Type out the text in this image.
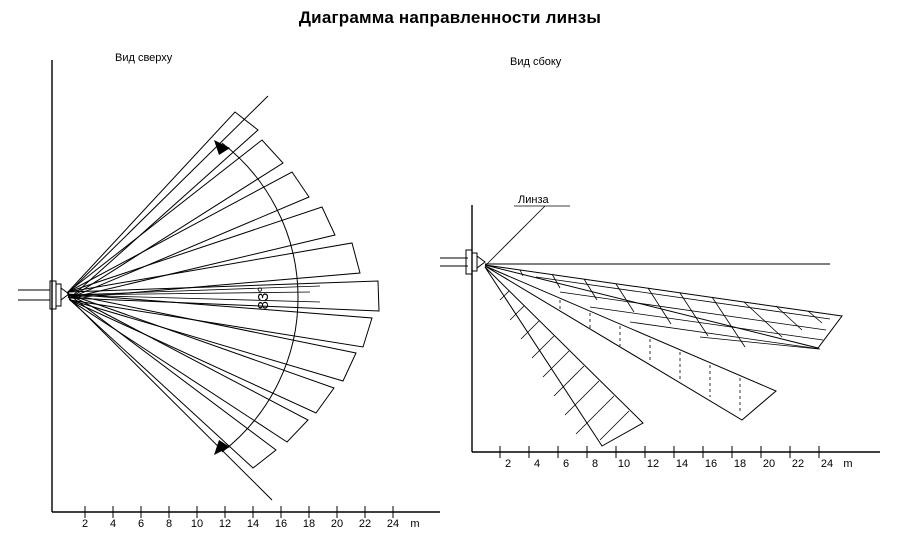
Диаграмма направленности линзы
Вид сверху	Вид сбоку
Линза
83°
2 4 6 8 10 12 14 16 18 20 22 24 m
2 4 6 8 10 12 14 16 18 20 22 24 m
